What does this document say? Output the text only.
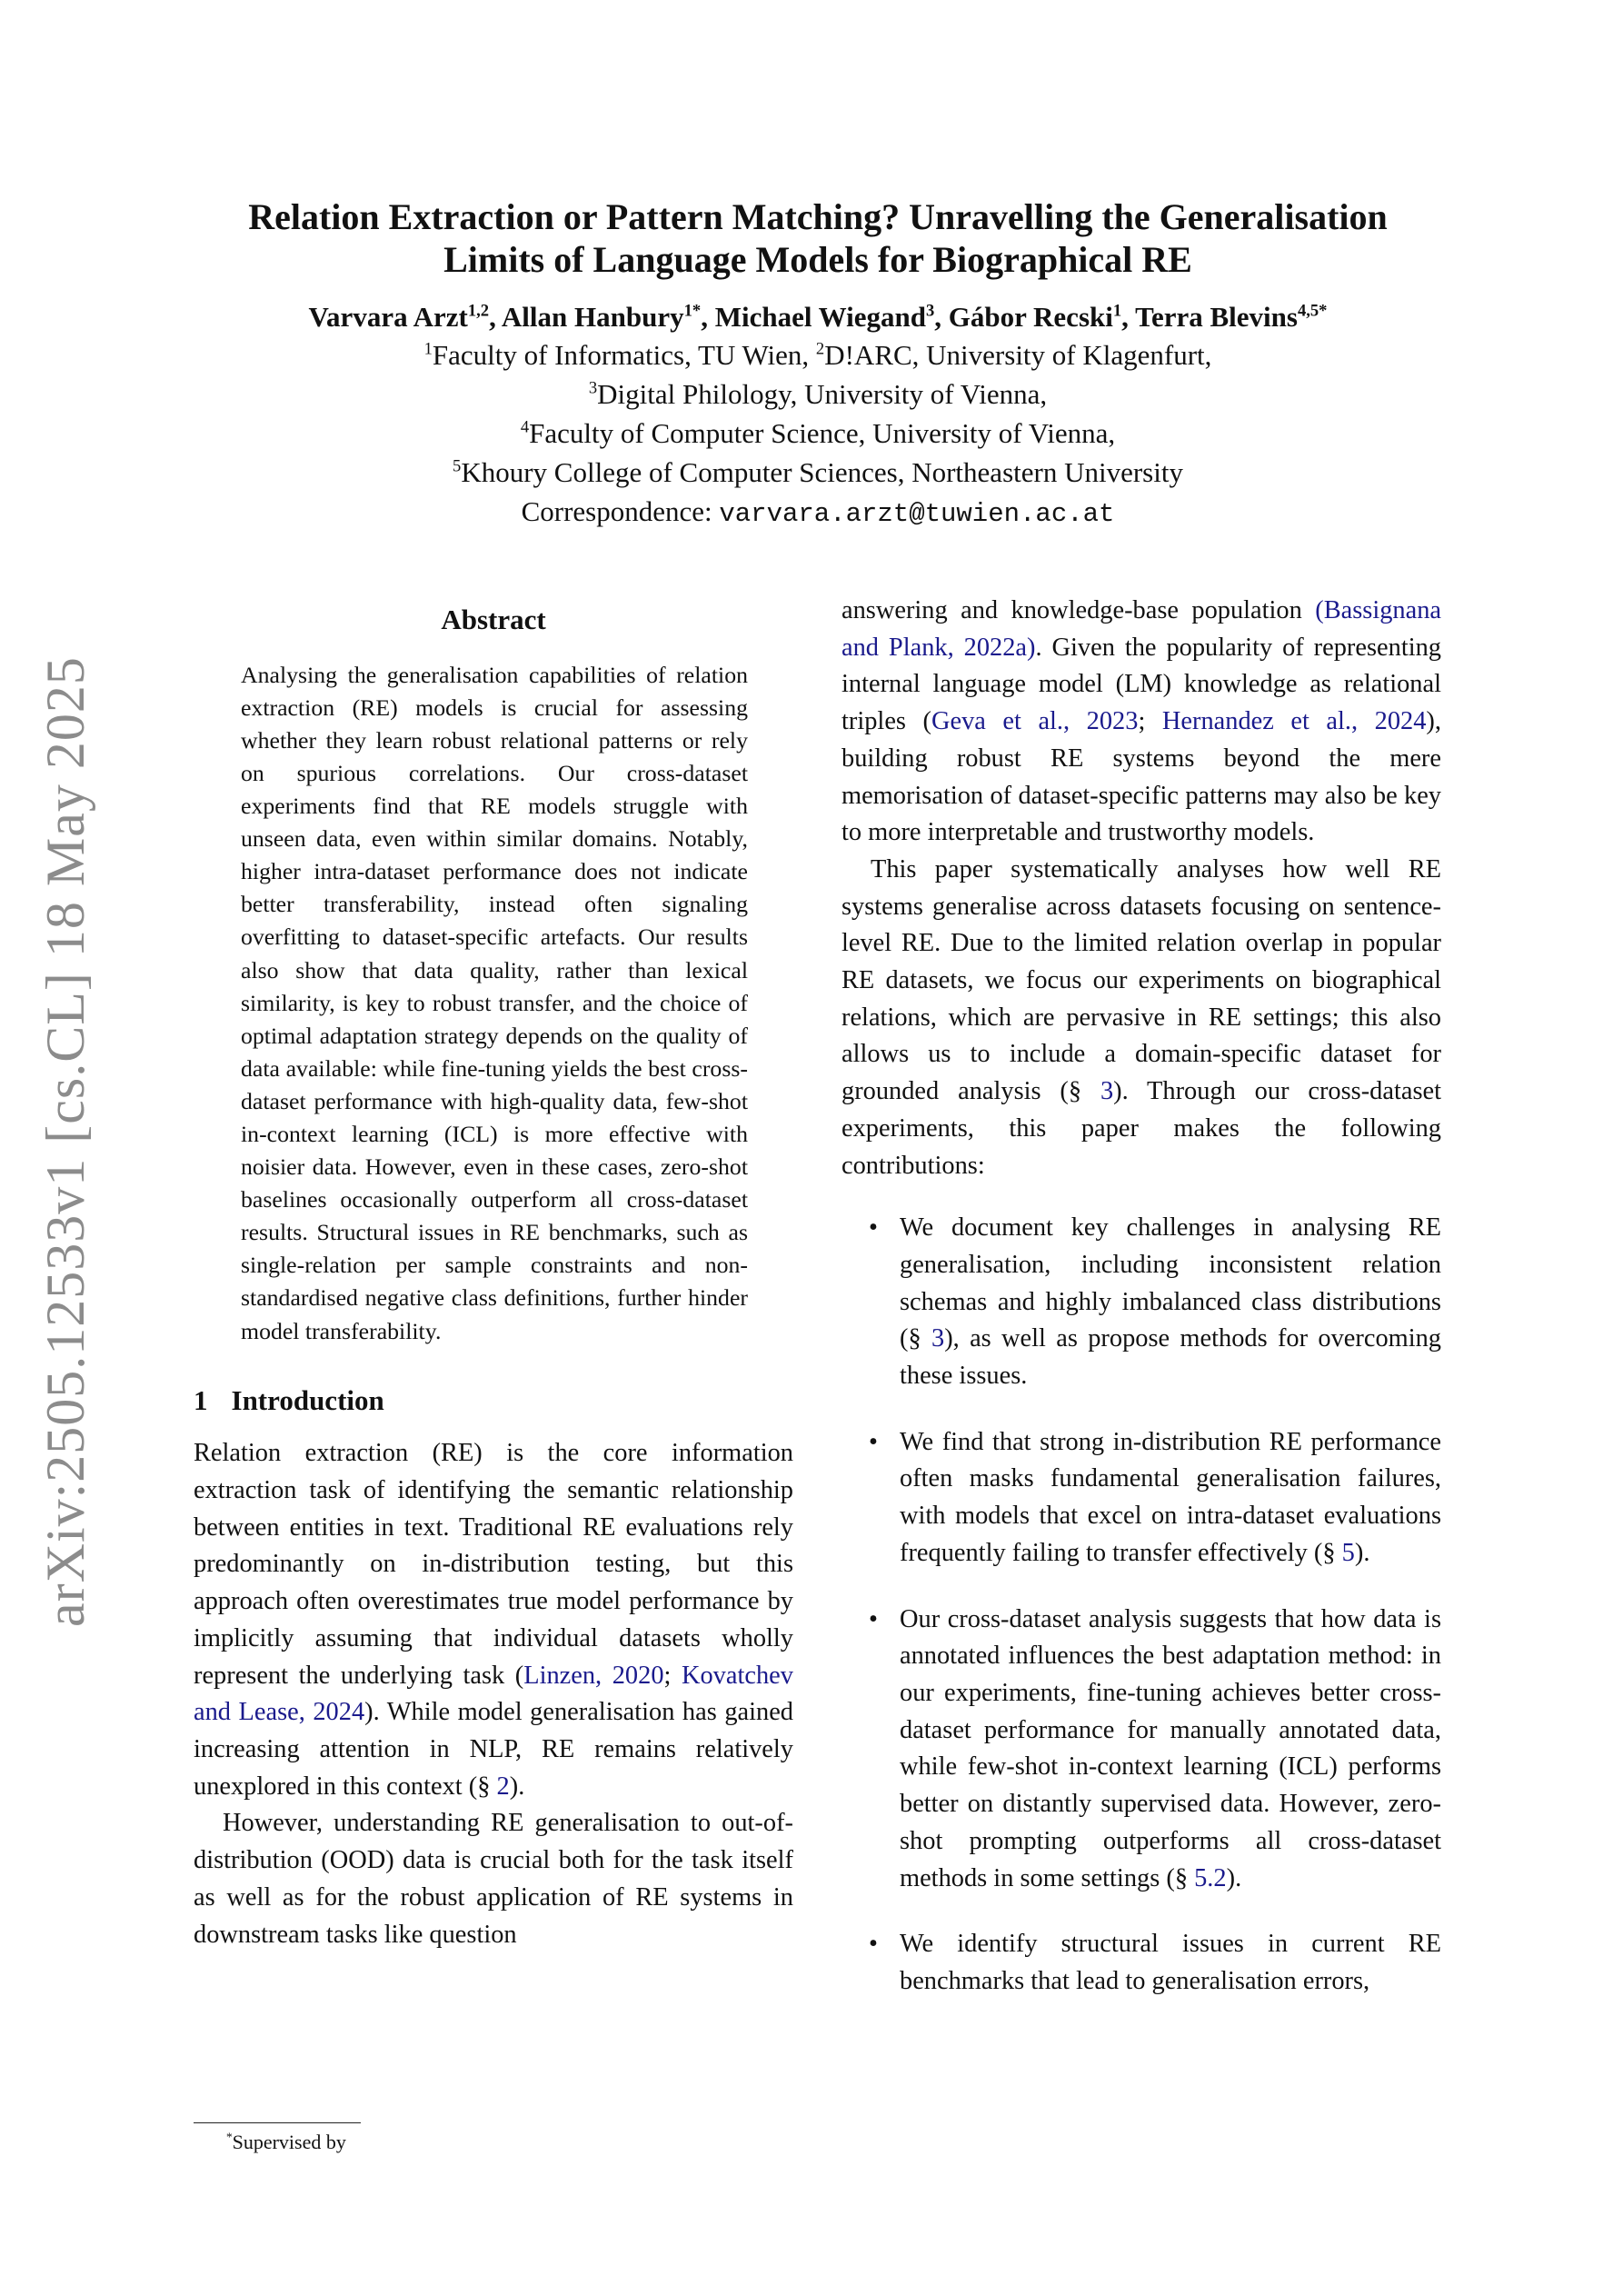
arXiv:2505.12533v1 [cs.CL] 18 May 2025
Relation Extraction or Pattern Matching? Unravelling the Generalisation
Limits of Language Models for Biographical RE

Varvara Arzt$^{1,2}$, Allan Hanbury$^{1*}$, Michael Wiegand$^3$, Gábor Recski$^1$, Terra Blevins$^{4,5*}$

$^1$Faculty of Informatics, TU Wien, $^2$D!ARC, University of Klagenfurt,

$^3$Digital Philology, University of Vienna,

$^4$Faculty of Computer Science, University of Vienna,

$^5$Khoury College of Computer Sciences, Northeastern University

Correspondence: varvara.arzt@tuwien.ac.at

Abstract

Analysing the generalisation capabilities of relation extraction (RE) models is crucial for assessing whether they learn robust relational patterns or rely on spurious correlations. Our cross-dataset experiments find that RE models struggle with unseen data, even within similar domains. Notably, higher intra-dataset performance does not indicate better transferability, instead often signaling overfitting to dataset-specific artefacts. Our results also show that data quality, rather than lexical similarity, is key to robust transfer, and the choice of optimal adaptation strategy depends on the quality of data available: while fine-tuning yields the best cross-dataset performance with high-quality data, few-shot in-context learning (ICL) is more effective with noisier data. However, even in these cases, zero-shot baselines occasionally outperform all cross-dataset results. Structural issues in RE benchmarks, such as single-relation per sample constraints and non-standardised negative class definitions, further hinder model transferability.

1 Introduction

Relation extraction (RE) is the core information extraction task of identifying the semantic relationship between entities in text. Traditional RE evaluations rely predominantly on in-distribution testing, but this approach often overestimates true model performance by implicitly assuming that individual datasets wholly represent the underlying task (Linzen, 2020; Kovatchev and Lease, 2024). While model generalisation has gained increasing attention in NLP, RE remains relatively unexplored in this context (§ 2).

However, understanding RE generalisation to out-of-distribution (OOD) data is crucial both for the task itself as well as for the robust application of RE systems in downstream tasks like question

answering and knowledge-base population (Bassignana and Plank, 2022a). Given the popularity of representing internal language model (LM) knowledge as relational triples (Geva et al., 2023; Hernandez et al., 2024), building robust RE systems beyond the mere memorisation of dataset-specific patterns may also be key to more interpretable and trustworthy models.

This paper systematically analyses how well RE systems generalise across datasets focusing on sentence-level RE. Due to the limited relation overlap in popular RE datasets, we focus our experiments on biographical relations, which are pervasive in RE settings; this also allows us to include a domain-specific dataset for grounded analysis (§ 3). Through our cross-dataset experiments, this paper makes the following contributions:

• We document key challenges in analysing RE generalisation, including inconsistent relation schemas and highly imbalanced class distributions (§ 3), as well as propose methods for overcoming these issues.
• We find that strong in-distribution RE performance often masks fundamental generalisation failures, with models that excel on intra-dataset evaluations frequently failing to transfer effectively (§ 5).
• Our cross-dataset analysis suggests that how data is annotated influences the best adaptation method: in our experiments, fine-tuning achieves better cross-dataset performance for manually annotated data, while few-shot in-context learning (ICL) performs better on distantly supervised data. However, zero-shot prompting outperforms all cross-dataset methods in some settings (§ 5.2).
• We identify structural issues in current RE benchmarks that lead to generalisation errors,
*Supervised by
